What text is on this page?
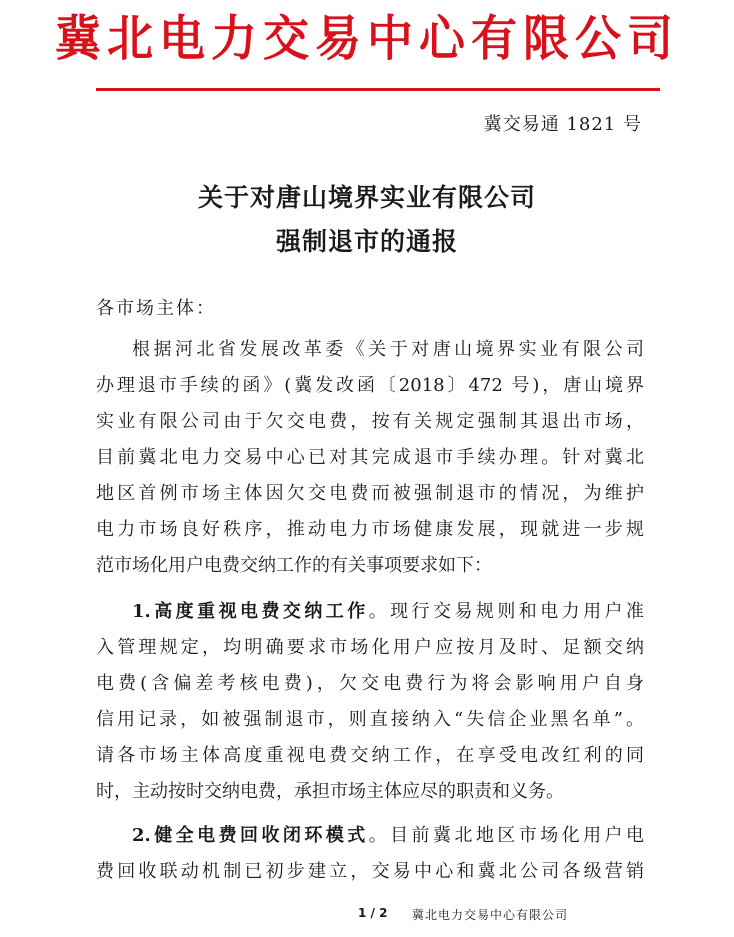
冀北电力交易中心有限公司
冀交易通 1821 号
关于对唐山境界实业有限公司
强制退市的通报
各市场主体：
根据河北省发展改革委《关于对唐山境界实业有限公司
办理退市手续的函》(冀发改函〔2018〕472 号)，唐山境界
实业有限公司由于欠交电费，按有关规定强制其退出市场，
目前冀北电力交易中心已对其完成退市手续办理。针对冀北
地区首例市场主体因欠交电费而被强制退市的情况，为维护
电力市场良好秩序，推动电力市场健康发展，现就进一步规
范市场化用户电费交纳工作的有关事项要求如下：
1.高度重视电费交纳工作。现行交易规则和电力用户准
入管理规定，均明确要求市场化用户应按月及时、足额交纳
电费(含偏差考核电费)，欠交电费行为将会影响用户自身
信用记录，如被强制退市，则直接纳入“失信企业黑名单”。
请各市场主体高度重视电费交纳工作，在享受电改红利的同
时，主动按时交纳电费，承担市场主体应尽的职责和义务。
2.健全电费回收闭环模式。目前冀北地区市场化用户电
费回收联动机制已初步建立，交易中心和冀北公司各级营销
1 / 2 冀北电力交易中心有限公司
